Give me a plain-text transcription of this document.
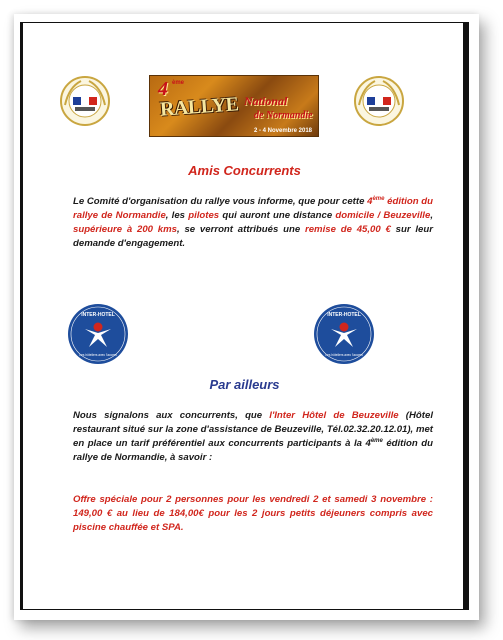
4 ème
RALLYE National
de Normandie
2 - 4 Novembre 2018
Amis Concurrents
Le Comité d'organisation du rallye vous informe, que pour cette 4ème édition du rallye de Normandie, les pilotes qui auront une distance domicile / Beuzeville, supérieure à 200 kms, se verront attribués une remise de 45,00 € sur leur demande d'engagement.
INTER-HOTEL
Les hôteliers avec l'accent
INTER-HOTEL
Les hôteliers avec l'accent
Par ailleurs
Nous signalons aux concurrents, que l'Inter Hôtel de Beuzeville (Hôtel restaurant situé sur la zone d'assistance de Beuzeville, Tél.02.32.20.12.01), met en place un tarif préférentiel aux concurrents participants à la 4ème édition du rallye de Normandie, à savoir :
Offre spéciale pour 2 personnes pour les vendredi 2 et samedi 3 novembre : 149,00 € au lieu de 184,00€ pour les 2 jours petits déjeuners compris avec piscine chauffée et SPA.
